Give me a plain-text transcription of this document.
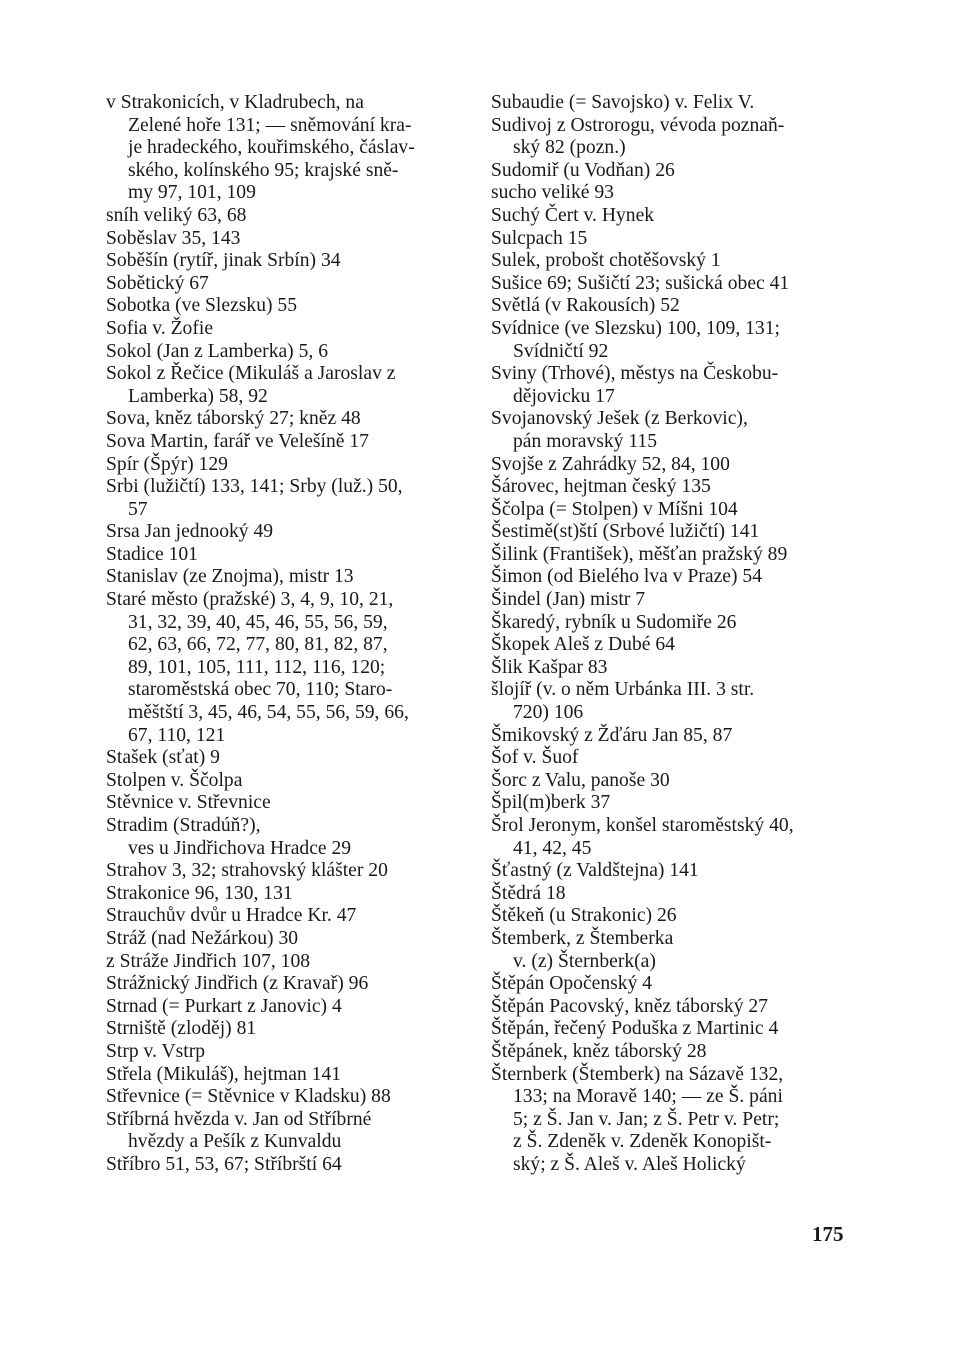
v Strakonicích, v Kladrubech, na
Zelené hoře 131; — sněmování kra-
je hradeckého, kouřimského, čáslav-
ského, kolínského 95; krajské sně-
my 97, 101, 109
sníh veliký 63, 68
Soběslav 35, 143
Soběšín (rytíř, jinak Srbín) 34
Sobětický 67
Sobotka (ve Slezsku) 55
Sofia v. Žofie
Sokol (Jan z Lamberka) 5, 6
Sokol z Řečice (Mikuláš a Jaroslav z
Lamberka) 58, 92
Sova, kněz táborský 27; kněz 48
Sova Martin, farář ve Velešíně 17
Spír (Špýr) 129
Srbi (lužičtí) 133, 141; Srby (luž.) 50,
57
Srsa Jan jednooký 49
Stadice 101
Stanislav (ze Znojma), mistr 13
Staré město (pražské) 3, 4, 9, 10, 21,
31, 32, 39, 40, 45, 46, 55, 56, 59,
62, 63, 66, 72, 77, 80, 81, 82, 87,
89, 101, 105, 111, 112, 116, 120;
staroměstská obec 70, 110; Staro-
měštští 3, 45, 46, 54, 55, 56, 59, 66,
67, 110, 121
Stašek (sťat) 9
Stolpen v. Ščolpa
Stěvnice v. Střevnice
Stradim (Stradúň?),
ves u Jindřichova Hradce 29
Strahov 3, 32; strahovský klášter 20
Strakonice 96, 130, 131
Strauchův dvůr u Hradce Kr. 47
Stráž (nad Nežárkou) 30
z Stráže Jindřich 107, 108
Strážnický Jindřich (z Kravař) 96
Strnad (= Purkart z Janovic) 4
Strniště (zloděj) 81
Strp v. Vstrp
Střela (Mikuláš), hejtman 141
Střevnice (= Stěvnice v Kladsku) 88
Stříbrná hvězda v. Jan od Stříbrné
hvězdy a Pešík z Kunvaldu
Stříbro 51, 53, 67; Stříbrští 64
Subaudie (= Savojsko) v. Felix V.
Sudivoj z Ostrorogu, vévoda poznaň-
ský 82 (pozn.)
Sudomiř (u Vodňan) 26
sucho veliké 93
Suchý Čert v. Hynek
Sulcpach 15
Sulek, probošt chotěšovský 1
Sušice 69; Sušičtí 23; sušická obec 41
Světlá (v Rakousích) 52
Svídnice (ve Slezsku) 100, 109, 131;
Svídničtí 92
Sviny (Trhové), městys na Českobu-
dějovicku 17
Svojanovský Ješek (z Berkovic),
pán moravský 115
Svojše z Zahrádky 52, 84, 100
Šárovec, hejtman český 135
Ščolpa (= Stolpen) v Míšni 104
Šestimě(st)ští (Srbové lužičtí) 141
Šilink (František), měšťan pražský 89
Šimon (od Bielého lva v Praze) 54
Šindel (Jan) mistr 7
Škaredý, rybník u Sudomiře 26
Škopek Aleš z Dubé 64
Šlik Kašpar 83
šlojíř (v. o něm Urbánka III. 3 str.
720) 106
Šmikovský z Žďáru Jan 85, 87
Šof v. Šuof
Šorc z Valu, panoše 30
Špil(m)berk 37
Šrol Jeronym, konšel staroměstský 40,
41, 42, 45
Šťastný (z Valdštejna) 141
Štědrá 18
Štěkeň (u Strakonic) 26
Štemberk, z Štemberka
v. (z) Šternberk(a)
Štěpán Opočenský 4
Štěpán Pacovský, kněz táborský 27
Štěpán, řečený Poduška z Martinic 4
Štěpánek, kněz táborský 28
Šternberk (Štemberk) na Sázavě 132,
133; na Moravě 140; — ze Š. páni
5; z Š. Jan v. Jan; z Š. Petr v. Petr;
z Š. Zdeněk v. Zdeněk Konopišt-
ský; z Š. Aleš v. Aleš Holický
175
